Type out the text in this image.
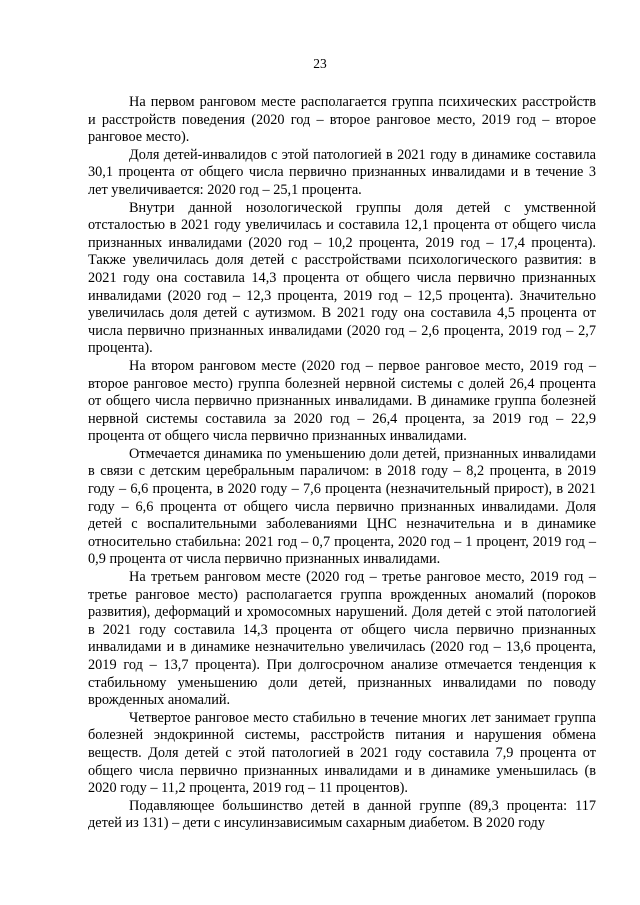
23

На первом ранговом месте располагается группа психических расстройств и расстройств поведения (2020 год – второе ранговое место, 2019 год – второе ранговое место).

Доля детей-инвалидов с этой патологией в 2021 году в динамике составила 30,1 процента от общего числа первично признанных инвалидами и в течение 3 лет увеличивается: 2020 год – 25,1 процента.

Внутри данной нозологической группы доля детей с умственной отсталостью в 2021 году увеличилась и составила 12,1 процента от общего числа признанных инвалидами (2020 год – 10,2 процента, 2019 год – 17,4 процента). Также увеличилась доля детей с расстройствами психологического развития: в 2021 году она составила 14,3 процента от общего числа первично признанных инвалидами (2020 год – 12,3 процента, 2019 год – 12,5 процента). Значительно увеличилась доля детей с аутизмом. В 2021 году она составила 4,5 процента от числа первично признанных инвалидами (2020 год – 2,6 процента, 2019 год – 2,7 процента).

На втором ранговом месте (2020 год – первое ранговое место, 2019 год – второе ранговое место) группа болезней нервной системы с долей 26,4 процента от общего числа первично признанных инвалидами. В динамике группа болезней нервной системы составила за 2020 год – 26,4 процента, за 2019 год – 22,9 процента от общего числа первично признанных инвалидами.

Отмечается динамика по уменьшению доли детей, признанных инвалидами в связи с детским церебральным параличом: в 2018 году – 8,2 процента, в 2019 году – 6,6 процента, в 2020 году – 7,6 процента (незначительный прирост), в 2021 году – 6,6 процента от общего числа первично признанных инвалидами. Доля детей с воспалительными заболеваниями ЦНС незначительна и в динамике относительно стабильна: 2021 год – 0,7 процента, 2020 год – 1 процент, 2019 год – 0,9 процента от числа первично признанных инвалидами.

На третьем ранговом месте (2020 год – третье ранговое место, 2019 год – третье ранговое место) располагается группа врожденных аномалий (пороков развития), деформаций и хромосомных нарушений. Доля детей с этой патологией в 2021 году составила 14,3 процента от общего числа первично признанных инвалидами и в динамике незначительно увеличилась (2020 год – 13,6 процента, 2019 год – 13,7 процента). При долгосрочном анализе отмечается тенденция к стабильному уменьшению доли детей, признанных инвалидами по поводу врожденных аномалий.

Четвертое ранговое место стабильно в течение многих лет занимает группа болезней эндокринной системы, расстройств питания и нарушения обмена веществ. Доля детей с этой патологией в 2021 году составила 7,9 процента от общего числа первично признанных инвалидами и в динамике уменьшилась (в 2020 году – 11,2 процента, 2019 год – 11 процентов).

Подавляющее большинство детей в данной группе (89,3 процента: 117 детей из 131) – дети с инсулинзависимым сахарным диабетом. В 2020 году
